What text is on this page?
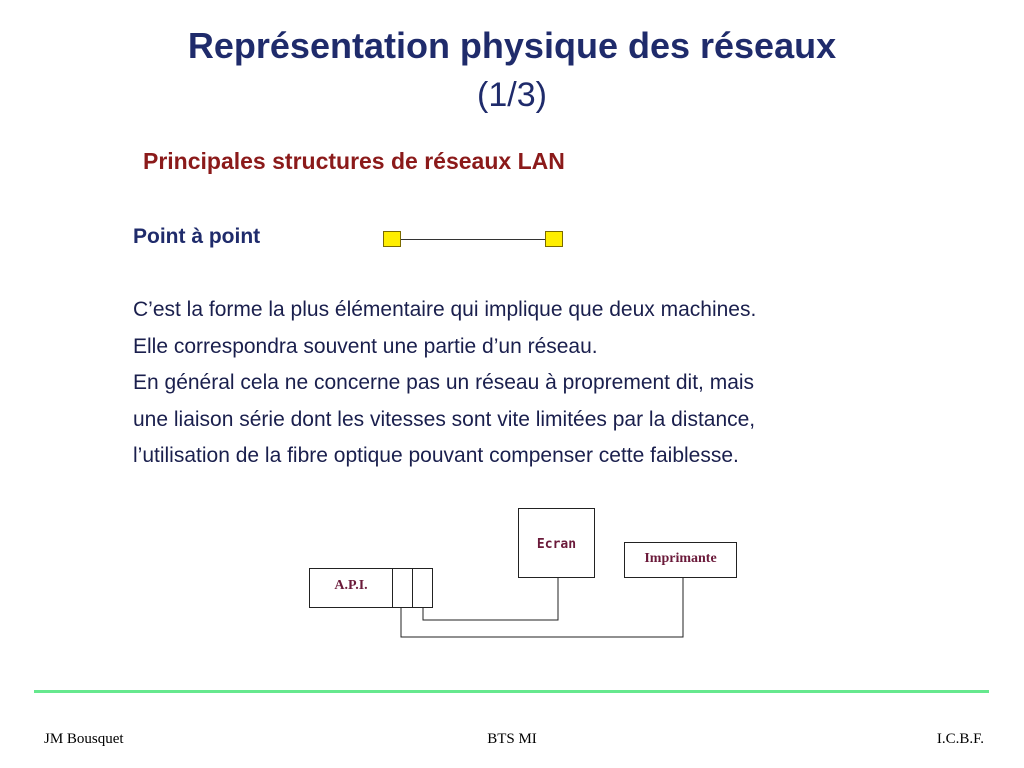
Représentation physique des réseaux
(1/3)
Principales structures de réseaux LAN
Point à point
C’est la forme la plus élémentaire qui implique que deux machines.
Elle correspondra souvent une partie d’un réseau.
En général cela ne concerne pas un réseau à proprement dit, mais
une liaison série dont les vitesses sont vite limitées par la distance,
l’utilisation de la fibre optique pouvant compenser cette faiblesse.
A.P.I.
Ecran
Imprimante
JM Bousquet	BTS MI	I.C.B.F.
